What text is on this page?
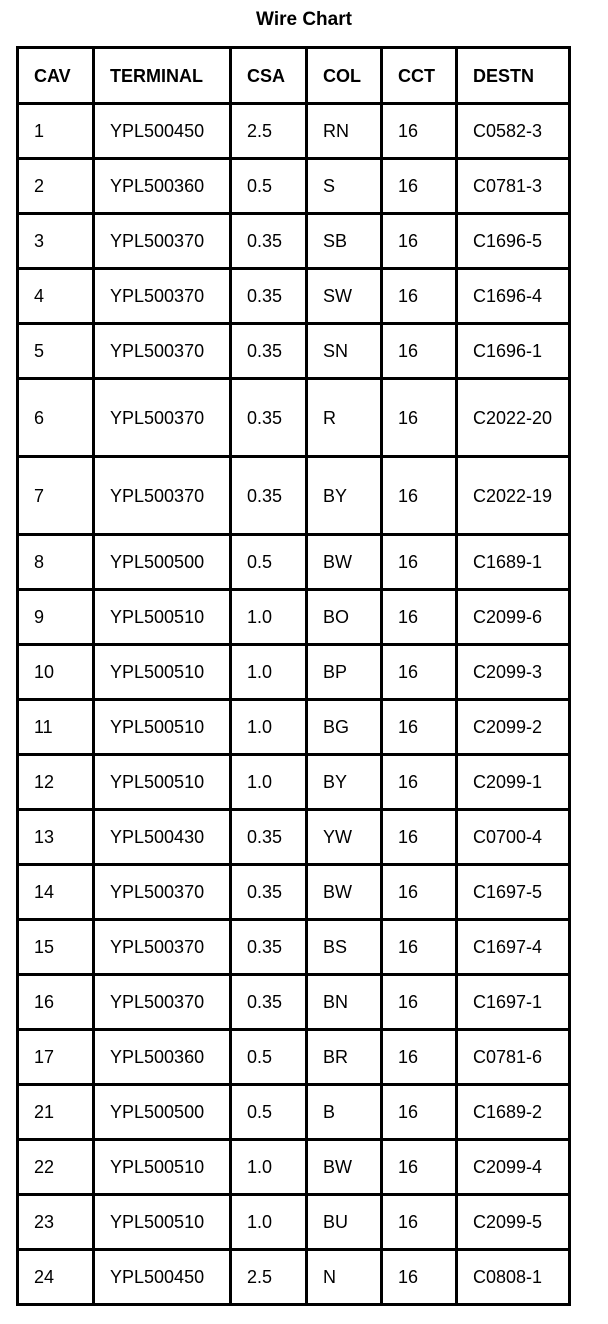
Wire Chart
CAV	TERMINAL	CSA	COL	CCT	DESTN
1	YPL500450	2.5	RN	16	C0582-3
2	YPL500360	0.5	S	16	C0781-3
3	YPL500370	0.35	SB	16	C1696-5
4	YPL500370	0.35	SW	16	C1696-4
5	YPL500370	0.35	SN	16	C1696-1
6	YPL500370	0.35	R	16	C2022-20
7	YPL500370	0.35	BY	16	C2022-19
8	YPL500500	0.5	BW	16	C1689-1
9	YPL500510	1.0	BO	16	C2099-6
10	YPL500510	1.0	BP	16	C2099-3
11	YPL500510	1.0	BG	16	C2099-2
12	YPL500510	1.0	BY	16	C2099-1
13	YPL500430	0.35	YW	16	C0700-4
14	YPL500370	0.35	BW	16	C1697-5
15	YPL500370	0.35	BS	16	C1697-4
16	YPL500370	0.35	BN	16	C1697-1
17	YPL500360	0.5	BR	16	C0781-6
21	YPL500500	0.5	B	16	C1689-2
22	YPL500510	1.0	BW	16	C2099-4
23	YPL500510	1.0	BU	16	C2099-5
24	YPL500450	2.5	N	16	C0808-1
